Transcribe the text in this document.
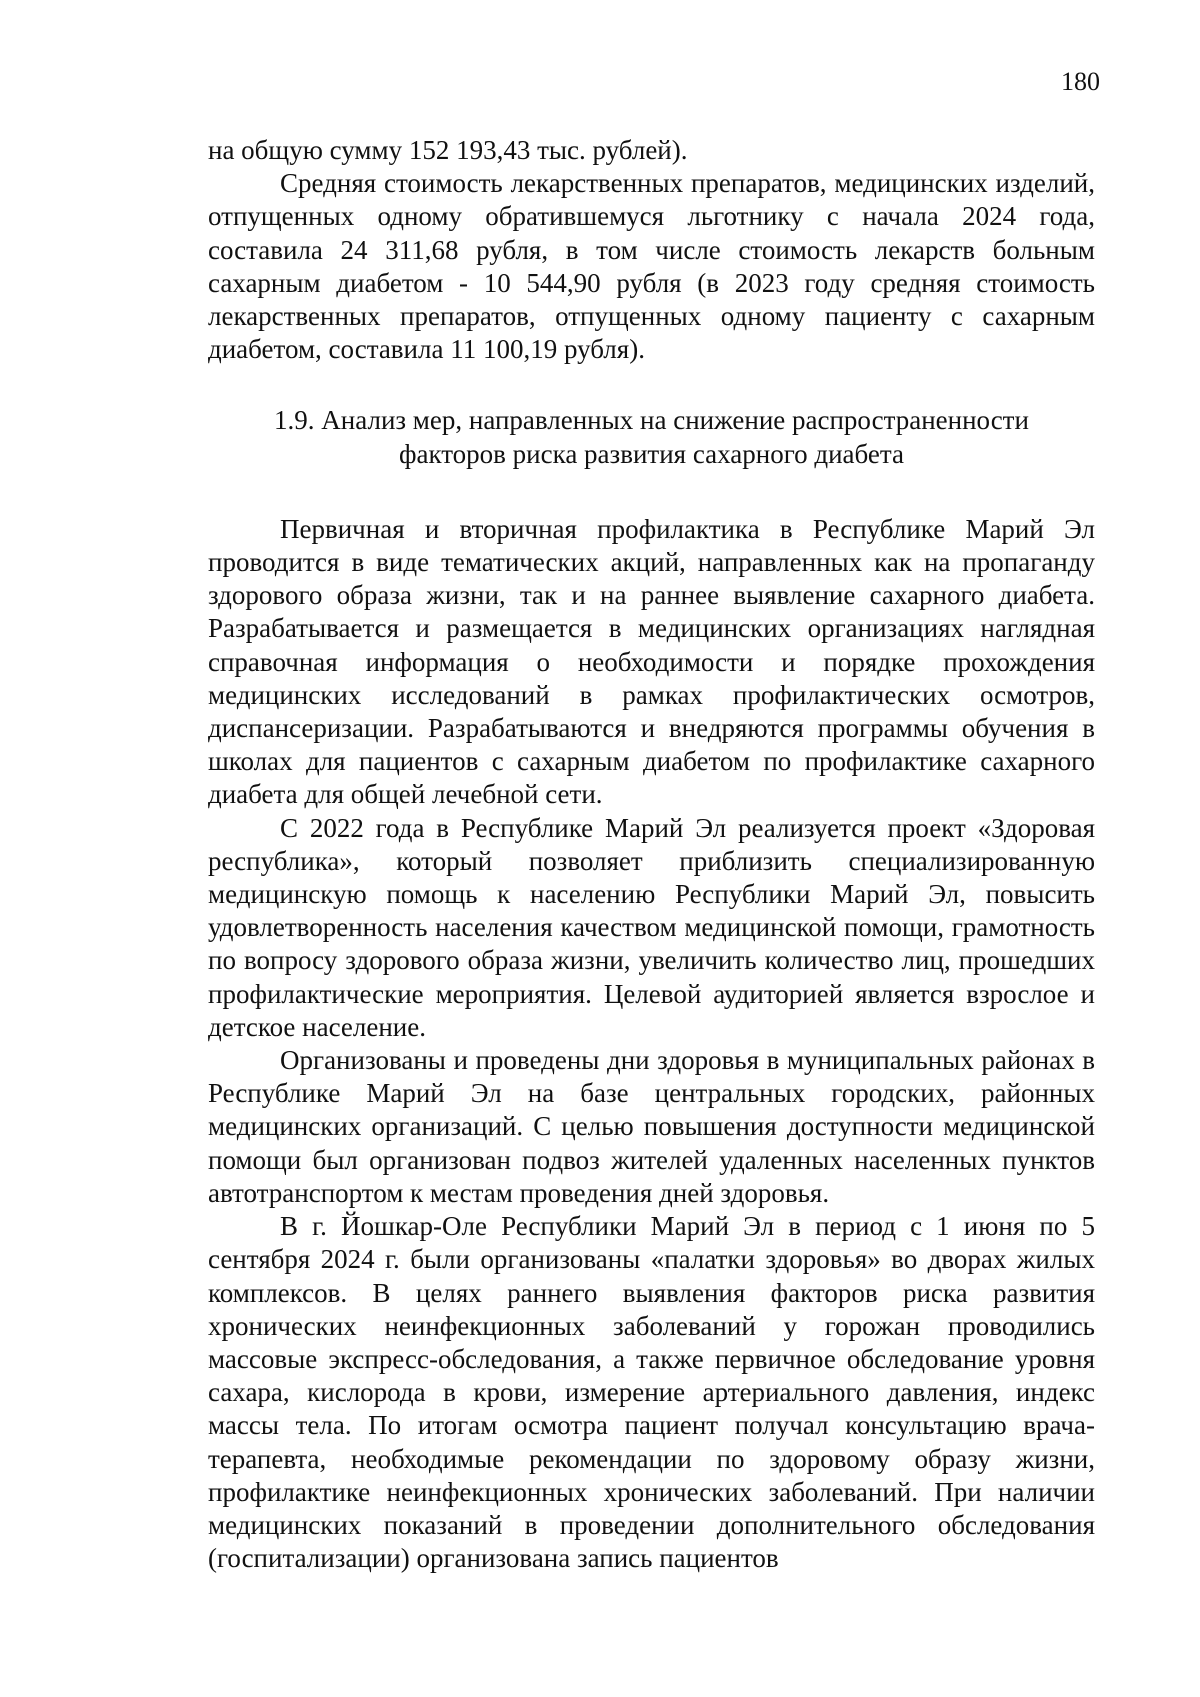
180

на общую сумму 152 193,43 тыс. рублей).

Средняя стоимость лекарственных препаратов, медицинских изделий, отпущенных одному обратившемуся льготнику с начала 2024 года, составила 24 311,68 рубля, в том числе стоимость лекарств больным сахарным диабетом - 10 544,90 рубля (в 2023 году средняя стоимость лекарственных препаратов, отпущенных одному пациенту с сахарным диабетом, составила 11 100,19 рубля).

1.9. Анализ мер, направленных на снижение распространенности
факторов риска развития сахарного диабета

Первичная и вторичная профилактика в Республике Марий Эл проводится в виде тематических акций, направленных как на пропаганду здорового образа жизни, так и на раннее выявление сахарного диабета. Разрабатывается и размещается в медицинских организациях наглядная справочная информация о необходимости и порядке прохождения медицинских исследований в рамках профилактических осмотров, диспансеризации. Разрабатываются и внедряются программы обучения в школах для пациентов с сахарным диабетом по профилактике сахарного диабета для общей лечебной сети.

С 2022 года в Республике Марий Эл реализуется проект «Здоровая республика», который позволяет приблизить специализированную медицинскую помощь к населению Республики Марий Эл, повысить удовлетворенность населения качеством медицинской помощи, грамотность по вопросу здорового образа жизни, увеличить количество лиц, прошедших профилактические мероприятия. Целевой аудиторией является взрослое и детское население.

Организованы и проведены дни здоровья в муниципальных районах в Республике Марий Эл на базе центральных городских, районных медицинских организаций. С целью повышения доступности медицинской помощи был организован подвоз жителей удаленных населенных пунктов автотранспортом к местам проведения дней здоровья.

В г. Йошкар-Оле Республики Марий Эл в период с 1 июня по 5 сентября 2024 г. были организованы «палатки здоровья» во дворах жилых комплексов. В целях раннего выявления факторов риска развития хронических неинфекционных заболеваний у горожан проводились массовые экспресс-обследования, а также первичное обследование уровня сахара, кислорода в крови, измерение артериального давления, индекс массы тела. По итогам осмотра пациент получал консультацию врача-терапевта, необходимые рекомендации по здоровому образу жизни, профилактике неинфекционных хронических заболеваний. При наличии медицинских показаний в проведении дополнительного обследования (госпитализации) организована запись пациентов
